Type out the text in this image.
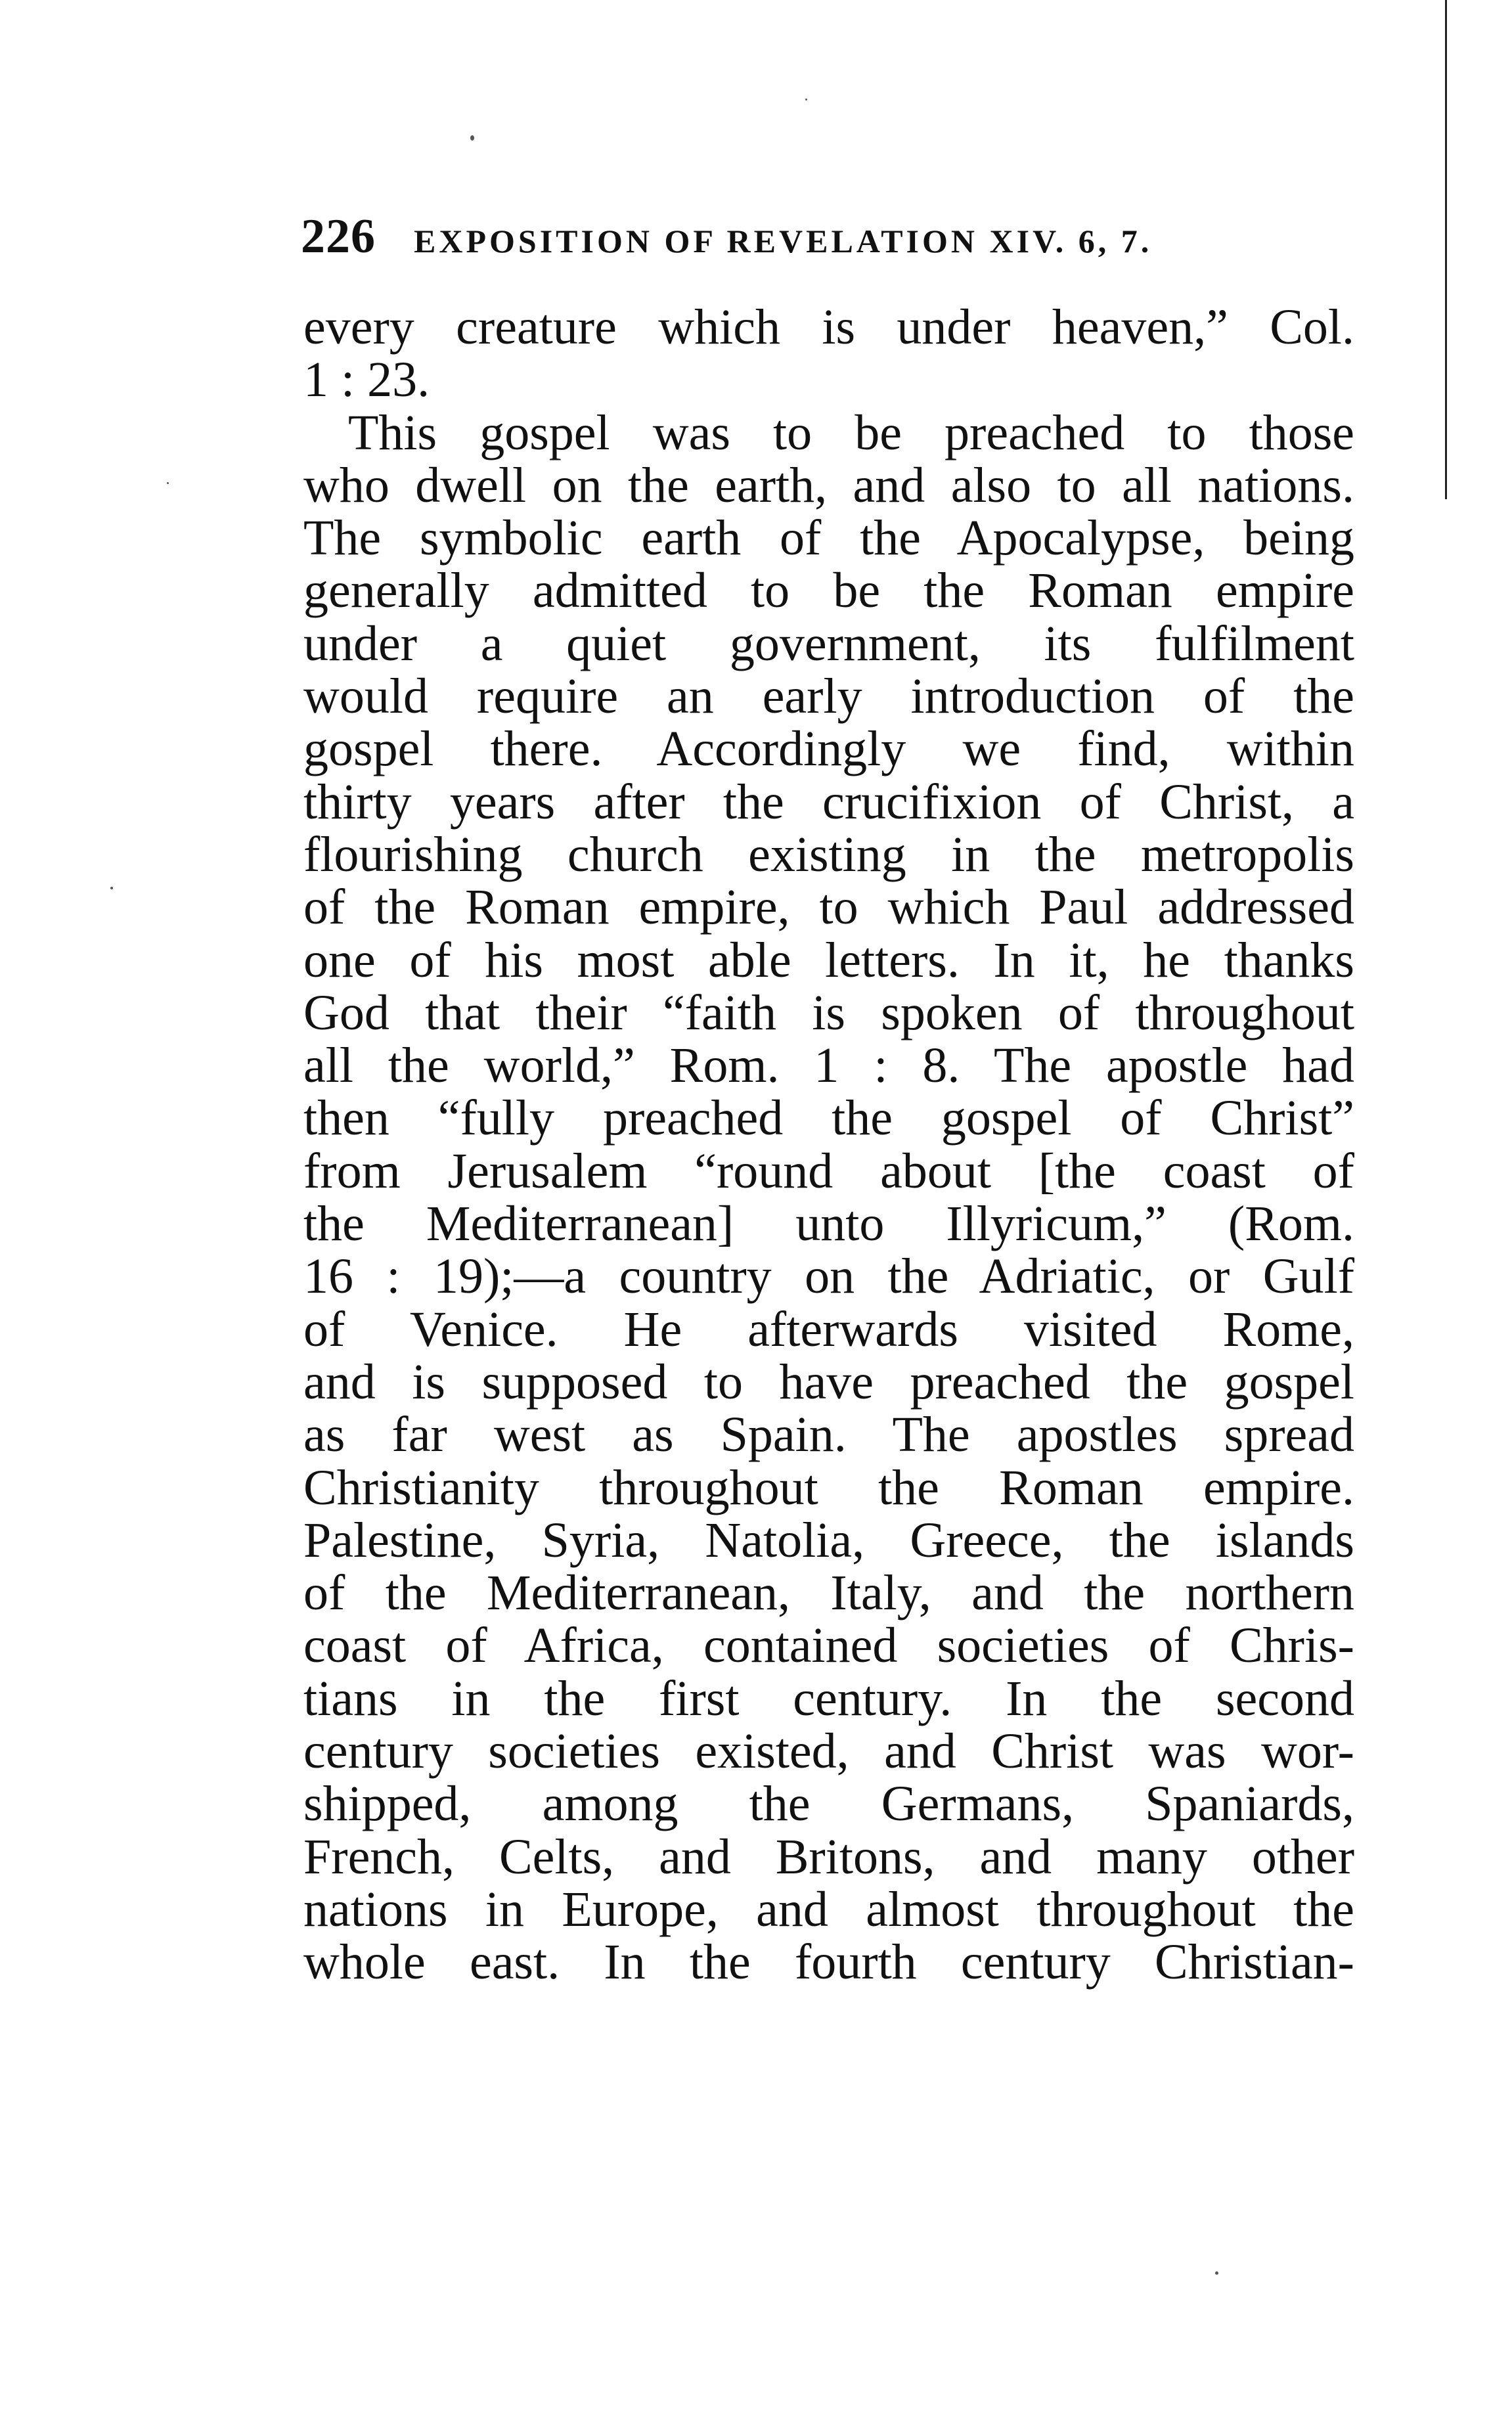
226 EXPOSITION OF REVELATION XIV. 6, 7.
every creature which is under heaven,” Col.
1 : 23.
This gospel was to be preached to those
who dwell on the earth, and also to all nations.
The symbolic earth of the Apocalypse, being
generally admitted to be the Roman empire
under a quiet government, its fulfilment
would require an early introduction of the
gospel there. Accordingly we find, within
thirty years after the crucifixion of Christ, a
flourishing church existing in the metropolis
of the Roman empire, to which Paul addressed
one of his most able letters. In it, he thanks
God that their “faith is spoken of throughout
all the world,” Rom. 1 : 8. The apostle had
then “fully preached the gospel of Christ”
from Jerusalem “round about [the coast of
the Mediterranean] unto Illyricum,” (Rom.
16 : 19);—a country on the Adriatic, or Gulf
of Venice. He afterwards visited Rome,
and is supposed to have preached the gospel
as far west as Spain. The apostles spread
Christianity throughout the Roman empire.
Palestine, Syria, Natolia, Greece, the islands
of the Mediterranean, Italy, and the northern
coast of Africa, contained societies of Chris-
tians in the first century. In the second
century societies existed, and Christ was wor-
shipped, among the Germans, Spaniards,
French, Celts, and Britons, and many other
nations in Europe, and almost throughout the
whole east. In the fourth century Christian-
